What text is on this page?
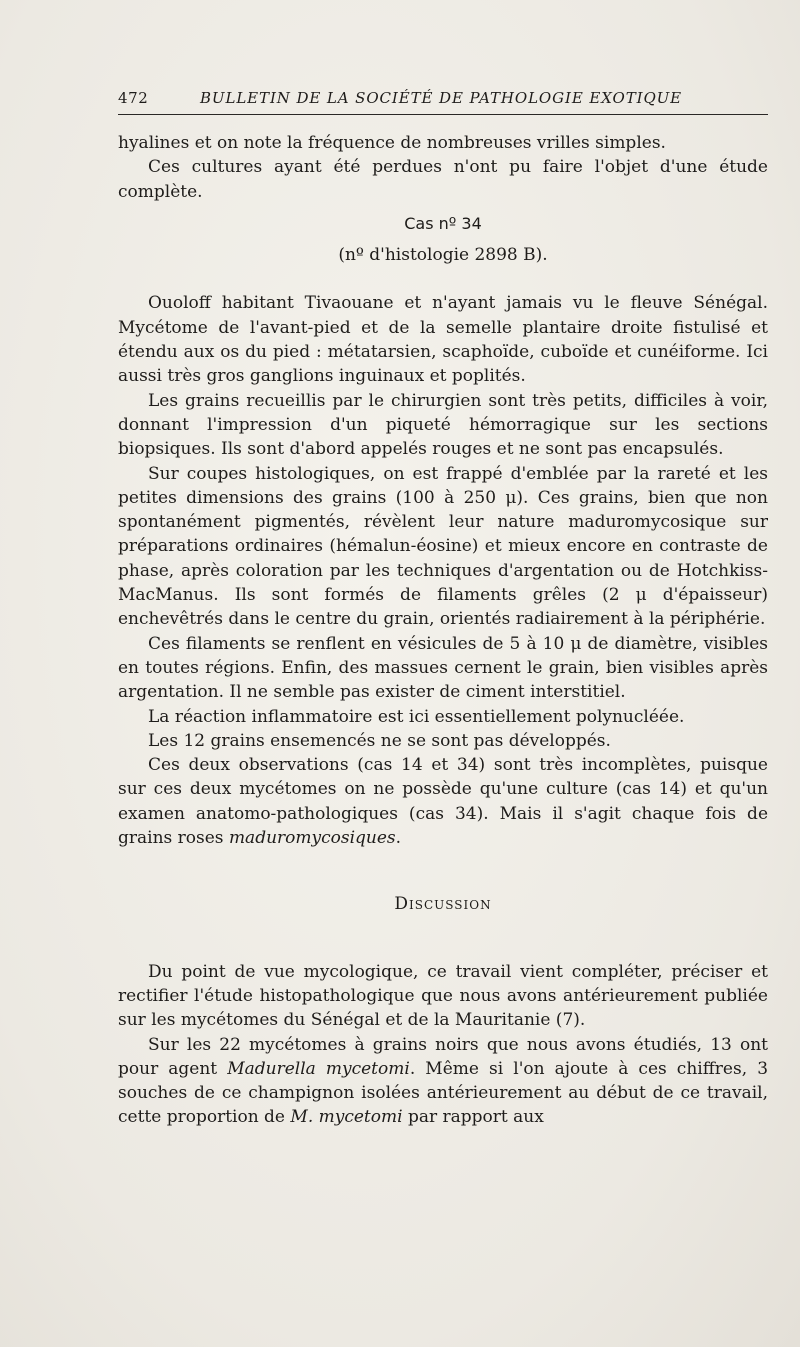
472	BULLETIN DE LA SOCIÉTÉ DE PATHOLOGIE EXOTIQUE

hyalines et on note la fréquence de nombreuses vrilles simples.

Ces cultures ayant été perdues n'ont pu faire l'objet d'une étude complète.

Cas nº 34

(nº d'histologie 2898 B).

Ouoloff habitant Tivaouane et n'ayant jamais vu le fleuve Sénégal. Mycétome de l'avant-pied et de la semelle plantaire droite fistulisé et étendu aux os du pied : métatarsien, scaphoïde, cuboïde et cunéiforme. Ici aussi très gros ganglions inguinaux et poplités.

Les grains recueillis par le chirurgien sont très petits, difficiles à voir, donnant l'impression d'un piqueté hémorragique sur les sections biopsiques. Ils sont d'abord appelés rouges et ne sont pas encapsulés.

Sur coupes histologiques, on est frappé d'emblée par la rareté et les petites dimensions des grains (100 à 250 μ). Ces grains, bien que non spontanément pigmentés, révèlent leur nature maduromycosique sur préparations ordinaires (hémalun-éosine) et mieux encore en contraste de phase, après coloration par les techniques d'argentation ou de Hotchkiss-MacManus. Ils sont formés de filaments grêles (2 μ d'épaisseur) enchevêtrés dans le centre du grain, orientés radiairement à la périphérie.

Ces filaments se renflent en vésicules de 5 à 10 μ de diamètre, visibles en toutes régions. Enfin, des massues cernent le grain, bien visibles après argentation. Il ne semble pas exister de ciment interstitiel.

La réaction inflammatoire est ici essentiellement polynucléée.

Les 12 grains ensemencés ne se sont pas développés.

Ces deux observations (cas 14 et 34) sont très incomplètes, puisque sur ces deux mycétomes on ne possède qu'une culture (cas 14) et qu'un examen anatomo-pathologiques (cas 34). Mais il s'agit chaque fois de grains roses maduromycosiques.

Discussion

Du point de vue mycologique, ce travail vient compléter, préciser et rectifier l'étude histopathologique que nous avons antérieurement publiée sur les mycétomes du Sénégal et de la Mauritanie (7).

Sur les 22 mycétomes à grains noirs que nous avons étudiés, 13 ont pour agent Madurella mycetomi. Même si l'on ajoute à ces chiffres, 3 souches de ce champignon isolées antérieurement au début de ce travail, cette proportion de M. mycetomi par rapport aux
